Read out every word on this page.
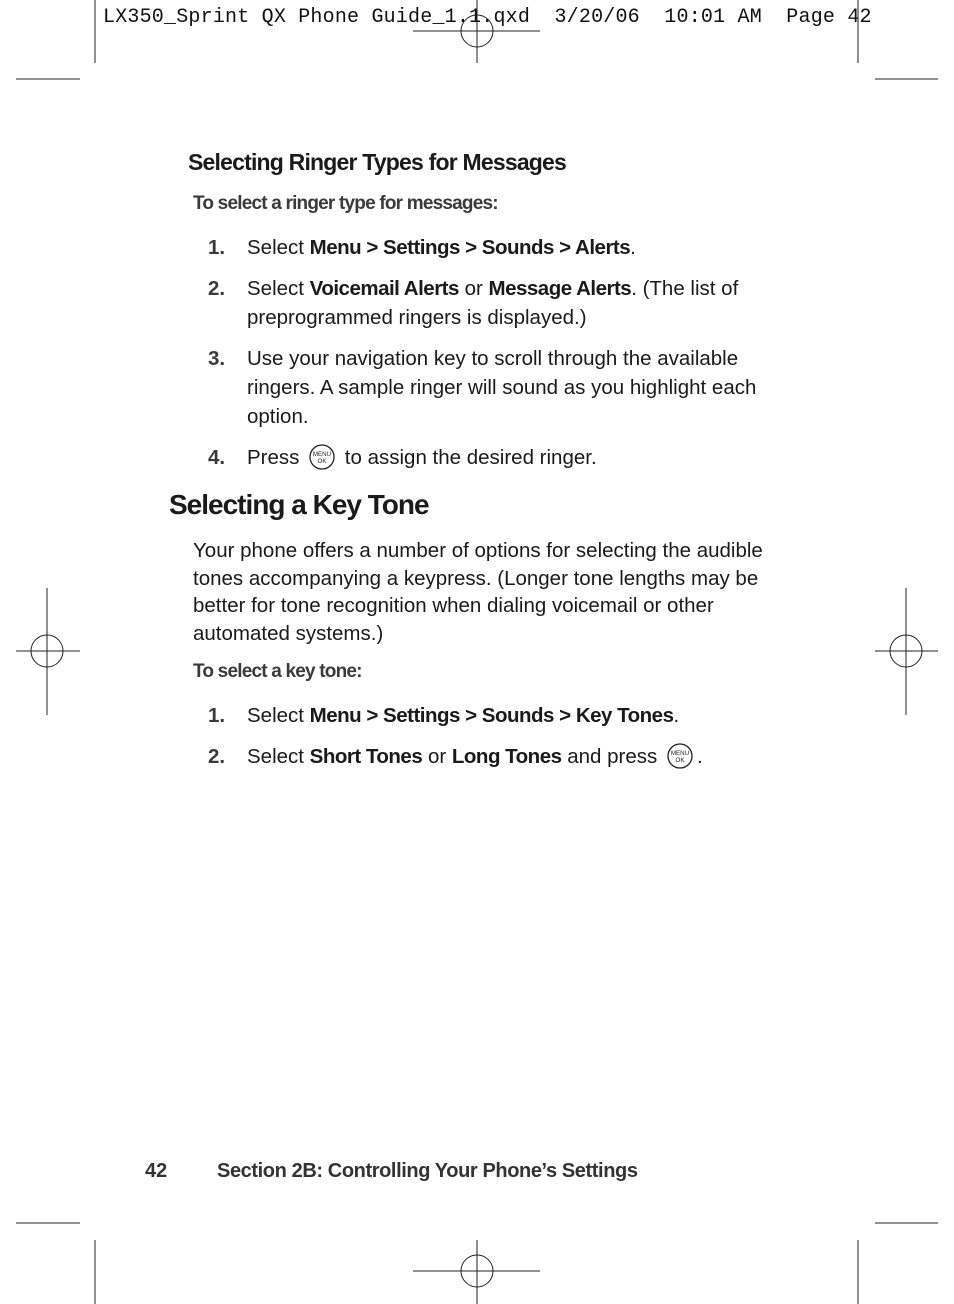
LX350_Sprint QX Phone Guide_1.1.qxd  3/20/06  10:01 AM  Page 42
Selecting Ringer Types for Messages
To select a ringer type for messages:
1. Select Menu > Settings > Sounds > Alerts.
2. Select Voicemail Alerts or Message Alerts. (The list of preprogrammed ringers is displayed.)
3. Use your navigation key to scroll through the available ringers. A sample ringer will sound as you highlight each option.
4. Press MENU
OK to assign the desired ringer.
Selecting a Key Tone

Your phone offers a number of options for selecting the audible tones accompanying a keypress. (Longer tone lengths may be better for tone recognition when dialing voicemail or other automated systems.)

To select a key tone:
1. Select Menu > Settings > Sounds > Key Tones.
2. Select Short Tones or Long Tones and press MENU
OK .
42 Section 2B: Controlling Your Phone’s Settings
